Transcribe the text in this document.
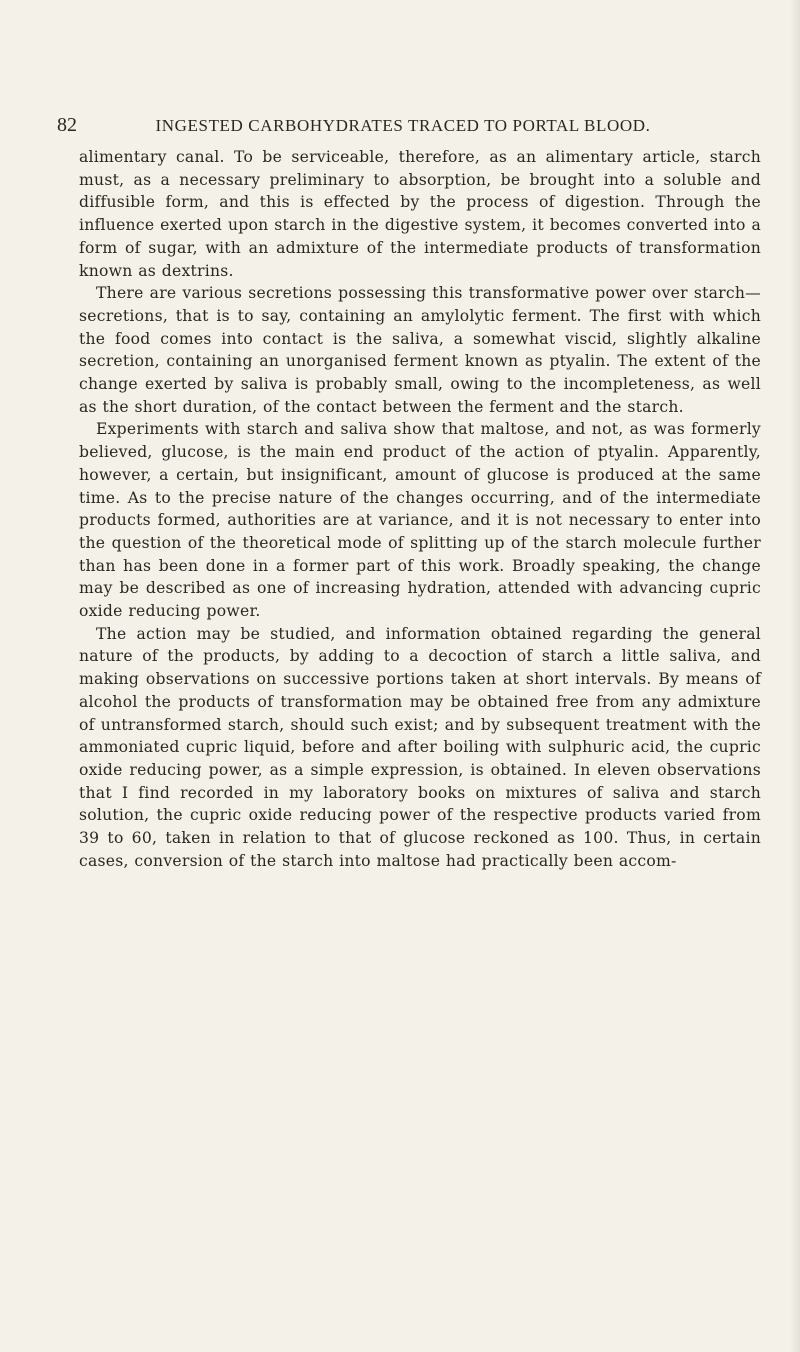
82	INGESTED CARBOHYDRATES TRACED TO PORTAL BLOOD.

alimentary canal. To be serviceable, therefore, as an alimentary article, starch must, as a necessary preliminary to absorption, be brought into a soluble and diffusible form, and this is effected by the process of digestion. Through the influence exerted upon starch in the digestive system, it becomes converted into a form of sugar, with an admixture of the intermediate products of transformation known as dextrins.

There are various secretions possessing this transformative power over starch—secretions, that is to say, containing an amylolytic ferment. The first with which the food comes into contact is the saliva, a somewhat viscid, slightly alkaline secretion, containing an unorganised ferment known as ptyalin. The extent of the change exerted by saliva is probably small, owing to the incompleteness, as well as the short duration, of the contact between the ferment and the starch.

Experiments with starch and saliva show that maltose, and not, as was formerly believed, glucose, is the main end product of the action of ptyalin. Apparently, however, a certain, but insignificant, amount of glucose is produced at the same time. As to the precise nature of the changes occurring, and of the intermediate products formed, authorities are at variance, and it is not necessary to enter into the question of the theoretical mode of splitting up of the starch molecule further than has been done in a former part of this work. Broadly speaking, the change may be described as one of increasing hydration, attended with advancing cupric oxide reducing power.

The action may be studied, and information obtained regarding the general nature of the products, by adding to a decoction of starch a little saliva, and making observations on successive portions taken at short intervals. By means of alcohol the products of transformation may be obtained free from any admixture of untransformed starch, should such exist; and by subsequent treatment with the ammoniated cupric liquid, before and after boiling with sulphuric acid, the cupric oxide reducing power, as a simple expression, is obtained. In eleven observations that I find recorded in my laboratory books on mixtures of saliva and starch solution, the cupric oxide reducing power of the respective products varied from 39 to 60, taken in relation to that of glucose reckoned as 100. Thus, in certain cases, conversion of the starch into maltose had practically been accom-
